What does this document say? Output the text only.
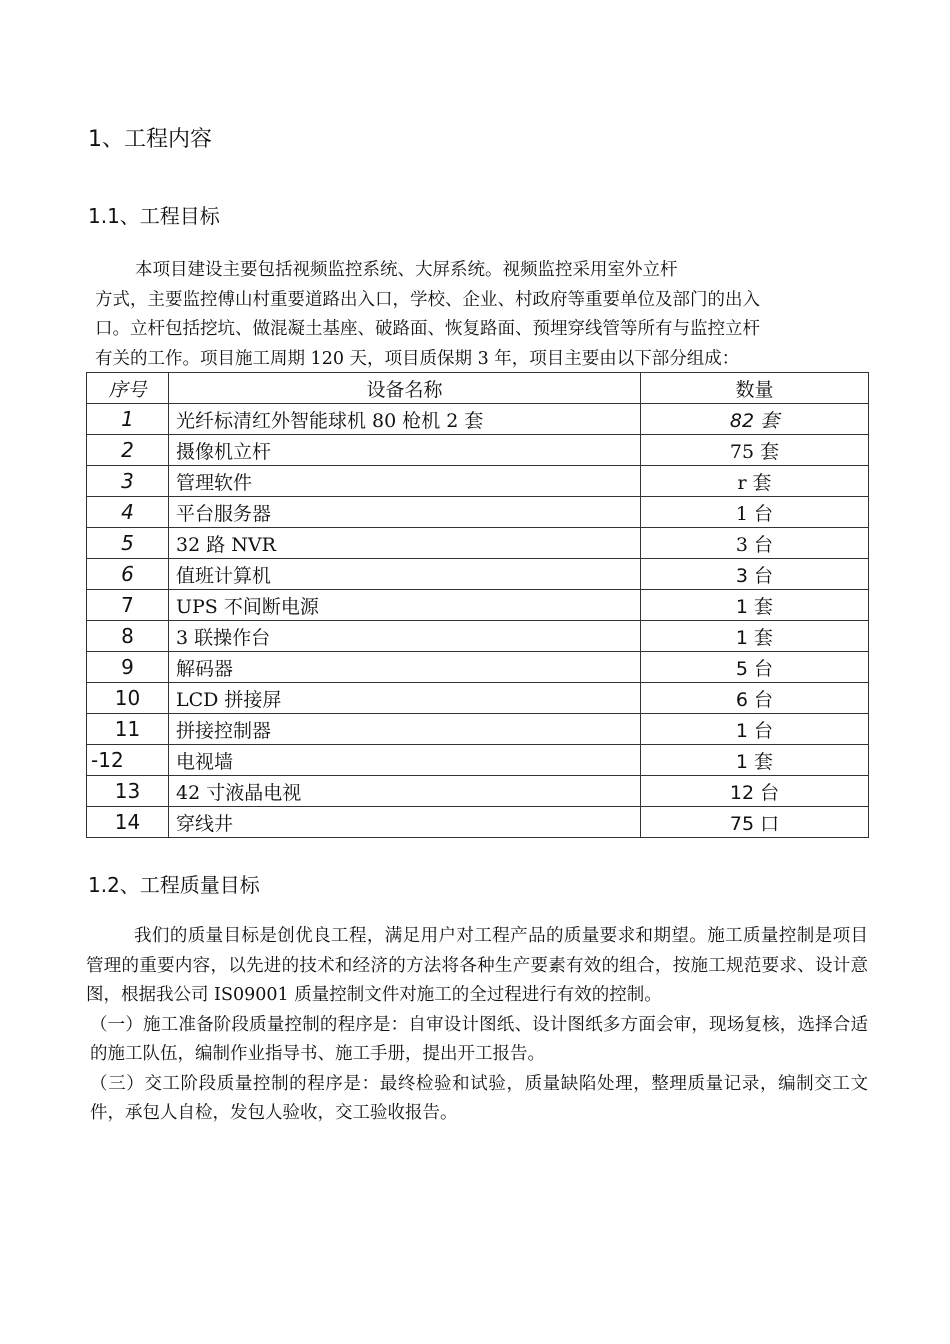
1、工程内容
1.1、工程目标

本项目建设主要包括视频监控系统、大屏系统。视频监控采用室外立杆

方式，主要监控傅山村重要道路出入口，学校、企业、村政府等重要单位及部门的出入

口。立杆包括挖坑、做混凝土基座、破路面、恢复路面、预埋穿线管等所有与监控立杆

有关的工作。项目施工周期 120 天，项目质保期 3 年，项目主要由以下部分组成：

序号	设备名称	数量
1	光纤标清红外智能球机 80 枪机 2 套	82 套
2	摄像机立杆	75 套
3	管理软件	r 套
4	平台服务器	1 台
5	32 路 NVR	3 台
6	值班计算机	3 台
7	UPS 不间断电源	1 套
8	3 联操作台	1 套
9	解码器	5 台
10	LCD 拼接屏	6 台
11	拼接控制器	1 台
-12	电视墙	1 套
13	42 寸液晶电视	12 台
14	穿线井	75 口
1.2、工程质量目标

我们的质量目标是创优良工程，满足用户对工程产品的质量要求和期望。施工质量控制是项目管理的重要内容，以先进的技术和经济的方法将各种生产要素有效的组合，按施工规范要求、设计意图，根据我公司 IS09001 质量控制文件对施工的全过程进行有效的控制。

（一）施工准备阶段质量控制的程序是：自审设计图纸、设计图纸多方面会审，现场复核，选择合适的施工队伍，编制作业指导书、施工手册，提出开工报告。

（三）交工阶段质量控制的程序是：最终检验和试验，质量缺陷处理，整理质量记录，编制交工文件，承包人自检，发包人验收，交工验收报告。
